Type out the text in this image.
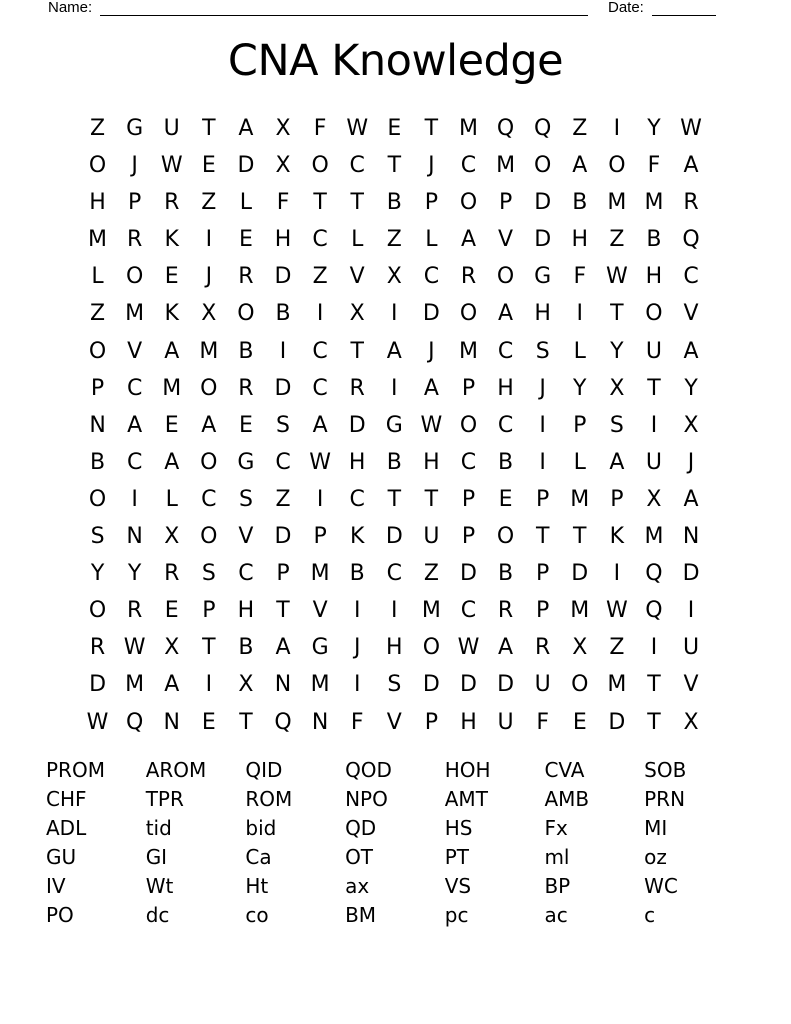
Name:	Date:
CNA Knowledge
Z G U	T	A	X	F W E	T M Q Q Z	I	Y W
O	J	W E D X O C	T	J	C M O A O	F	A
H	P	R Z	L	F	T	T	B	P O P D B M M R
M R	K	I	E H C	L	Z	L	A	V D H Z	B Q
L	O E	J	R D Z	V	X C R O G	F W H C
Z M K	X O B	I	X	I	D O A H	I	T O V
O V	A M B	I	C	T	A	J	M C	S	L	Y	U A
P	C M O R D C R	I	A	P	H	J	Y	X	T	Y
N A	E	A	E	S	A D G W O C	I	P	S	I	X
B C A O G C W H B H C B	I	L	A U	J
O	I	L	C	S	Z	I	C	T	T	P	E	P M P	X	A
S N X O V D P	K D U	P O T	T	K M N
Y	Y	R	S	C	P M B C Z D B	P D	I	Q D
O R	E	P	H	T	V	I	I	M C R	P M W Q	I
R W X	T	B	A G	J	H O W A R X	Z	I	U
D M A	I	X N M	I	S D D D U O M T	V
W Q N E	T Q N	F	V	P	H U	F	E D T	X
PROM	AROM	QID	QOD	HOH	CVA	SOB
CHF	TPR	ROM	NPO	AMT	AMB	PRN
ADL	tid	bid	QD	HS	Fx	MI
GU	GI	Ca	OT	PT	ml	oz
IV	Wt	Ht	ax	VS	BP	WC
PO	dc	co	BM	pc	ac	c
